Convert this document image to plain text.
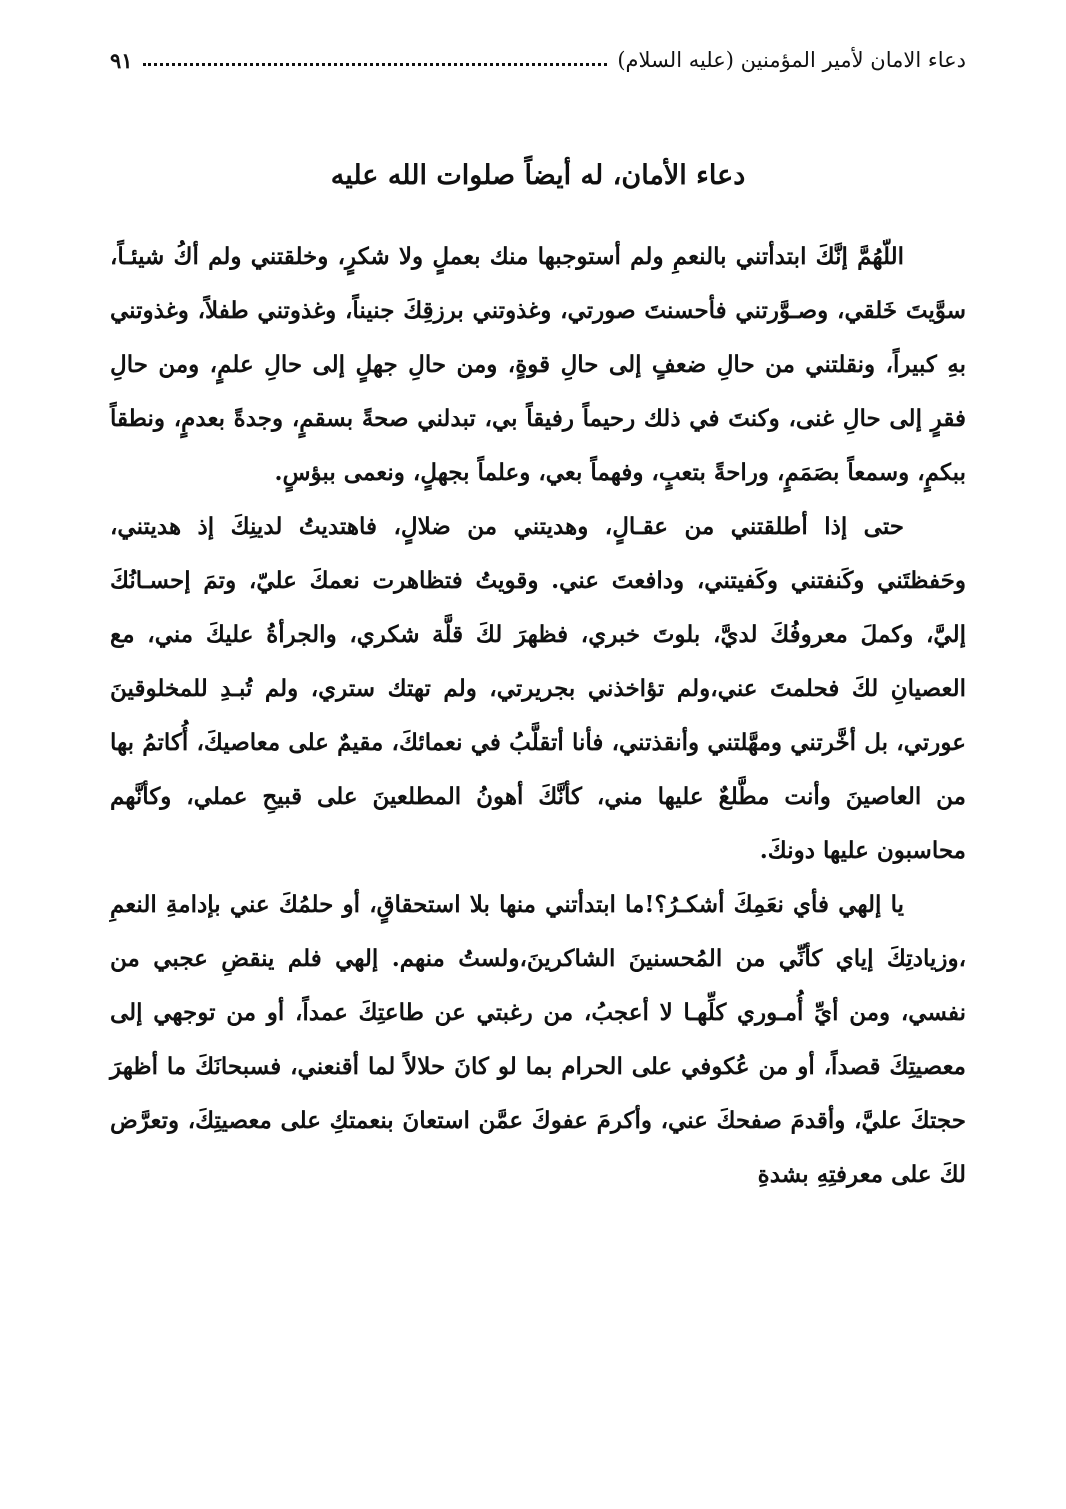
دعاء الامان لأمير المؤمنين (عليه السلام)
٩١
دعاء الأمان، له أيضاً صلوات الله عليه

اللّهُمَّ إنَّكَ ابتدأتني بالنعمِ ولم أستوجبها منك بعملٍ ولا شكرٍ، وخلقتني ولم أكُ شيئـاً، سوَّيتَ خَلقي، وصـوَّرتني فأحسنتَ صورتي، وغذوتني برزقِكَ جنيناً، وغذوتني طفلاً، وغذوتني بهِ كبيراً، ونقلتني من حالِ ضعفٍ إلى حالِ قوةٍ، ومن حالِ جهلٍ إلى حالِ علمٍ، ومن حالِ فقرٍ إلى حالِ غنى، وكنتَ في ذلك رحيماً رفيقاً بي، تبدلني صحةً بسقمٍ، وجدةً بعدمٍ، ونطقاً ببكمٍ، وسمعاً بصَمَمٍ، وراحةً بتعبٍ، وفهماً بعي، وعلماً بجهلٍ، ونعمى ببؤسٍ.

حتى إذا أطلقتني من عقـالٍ، وهديتني من ضلالٍ، فاهتديتُ لدينِكَ إذ هديتني، وحَفظتَني وكَنفتني وكَفيتني، ودافعتَ عني. وقويتُ فتظاهرت نعمكَ عليّ، وتمَ إحسـانُكَ إليَّ، وكملَ معروفُكَ لديَّ، بلوتَ خبري، فظهرَ لكَ قلَّة شكري، والجرأةُ عليكَ مني، مع العصيانِ لكَ فحلمتَ عني،ولم تؤاخذني بجريرتي، ولم تهتك ستري، ولم تُبـدِ للمخلوقينَ عورتي، بل أخَّرتني ومهَّلتني وأنقذتني، فأنا أتقلَّبُ في نعمائكَ، مقيمٌ على معاصيكَ، أُكاتمُ بها من العاصينَ وأنت مطَّلعٌ عليها مني، كأنَّكَ أهونُ المطلعينَ على قبيحِ عملي، وكأنَّهم محاسبون عليها دونكَ.

يا إلهي فأي نعَمِكَ أشكـرُ؟!ما ابتدأتني منها بلا استحقاقٍ، أو حلمُكَ عني بإدامةِ النعمِ ،وزيادتِكَ إياي كأنِّي من المُحسنينَ الشاكرينَ،ولستُ منهم. إلهي فلم ينقضِ عجبي من نفسي، ومن أيِّ أُمـوري كلِّهـا لا أعجبُ، من رغبتي عن طاعتِكَ عمداً، أو من توجهي إلى معصيتِكَ قصداً، أو من عُكوفي على الحرام بما لو كانَ حلالاً لما أقنعني، فسبحانَكَ ما أظهرَ حجتكَ عليَّ، وأقدمَ صفحكَ عني، وأكرمَ عفوكَ عمَّن استعانَ بنعمتكِ على معصيتِكَ، وتعرَّض لكَ على معرفتِهِ بشدةِ
